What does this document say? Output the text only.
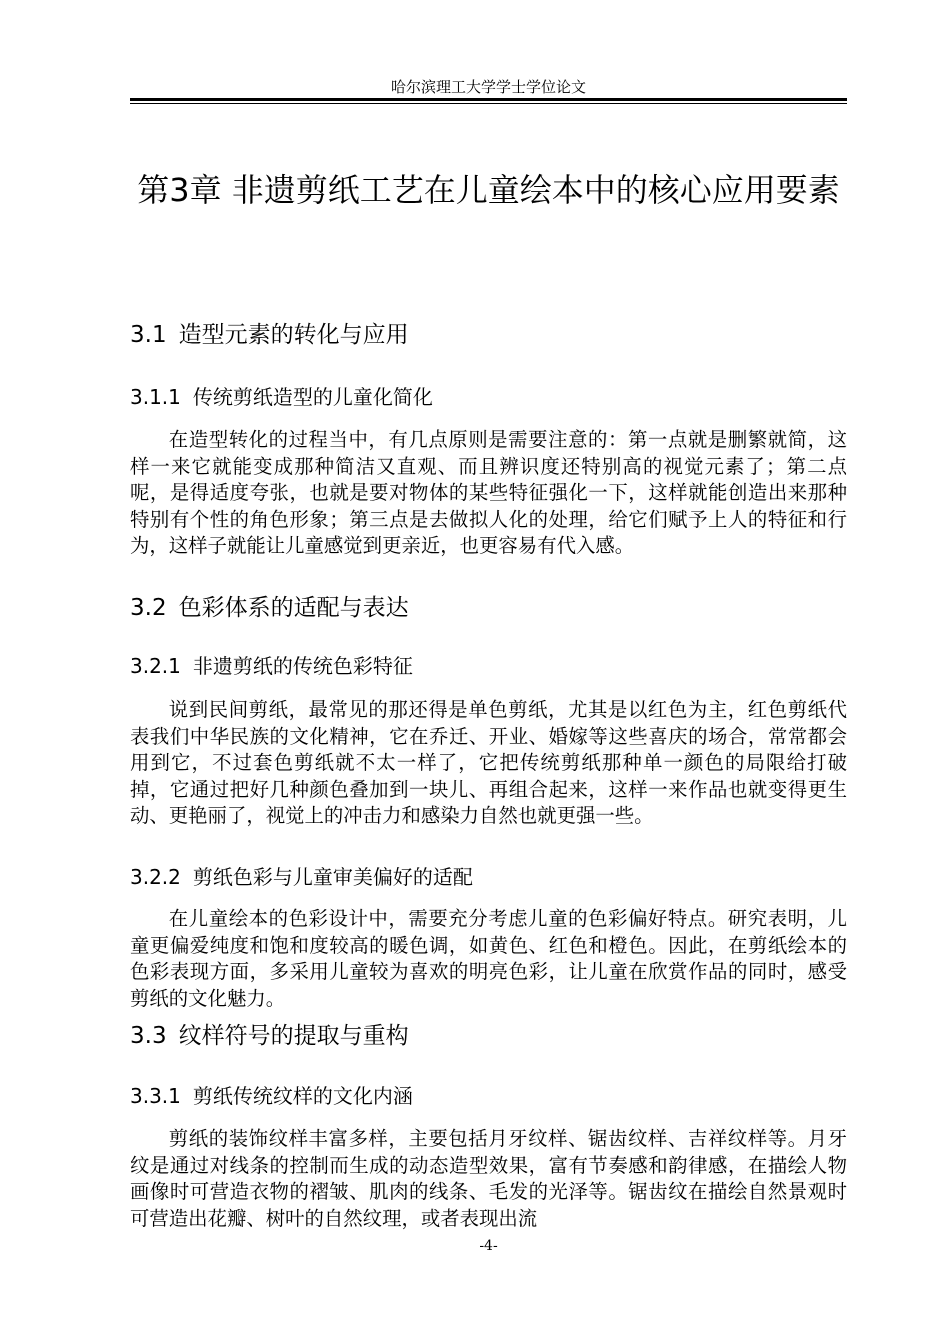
哈尔滨理工大学学士学位论文
第3章 非遗剪纸工艺在儿童绘本中的核心应用要素
3.1 造型元素的转化与应用
3.1.1 传统剪纸造型的儿童化简化

在造型转化的过程当中，有几点原则是需要注意的：第一点就是删繁就简，这样一来它就能变成那种简洁又直观、而且辨识度还特别高的视觉元素了；第二点呢，是得适度夸张，也就是要对物体的某些特征强化一下，这样就能创造出来那种特别有个性的角色形象；第三点是去做拟人化的处理，给它们赋予上人的特征和行为，这样子就能让儿童感觉到更亲近，也更容易有代入感。

3.2 色彩体系的适配与表达
3.2.1 非遗剪纸的传统色彩特征

说到民间剪纸，最常见的那还得是单色剪纸，尤其是以红色为主，红色剪纸代表我们中华民族的文化精神，它在乔迁、开业、婚嫁等这些喜庆的场合，常常都会用到它，不过套色剪纸就不太一样了，它把传统剪纸那种单一颜色的局限给打破掉，它通过把好几种颜色叠加到一块儿、再组合起来，这样一来作品也就变得更生动、更艳丽了，视觉上的冲击力和感染力自然也就更强一些。

3.2.2 剪纸色彩与儿童审美偏好的适配

在儿童绘本的色彩设计中，需要充分考虑儿童的色彩偏好特点。研究表明，儿童更偏爱纯度和饱和度较高的暖色调，如黄色、红色和橙色。因此，在剪纸绘本的色彩表现方面，多采用儿童较为喜欢的明亮色彩，让儿童在欣赏作品的同时，感受剪纸的文化魅力。

3.3 纹样符号的提取与重构
3.3.1 剪纸传统纹样的文化内涵

剪纸的装饰纹样丰富多样，主要包括月牙纹样、锯齿纹样、吉祥纹样等。月牙纹是通过对线条的控制而生成的动态造型效果，富有节奏感和韵律感，在描绘人物画像时可营造衣物的褶皱、肌肉的线条、毛发的光泽等。锯齿纹在描绘自然景观时可营造出花瓣、树叶的自然纹理，或者表现出流

-4-
